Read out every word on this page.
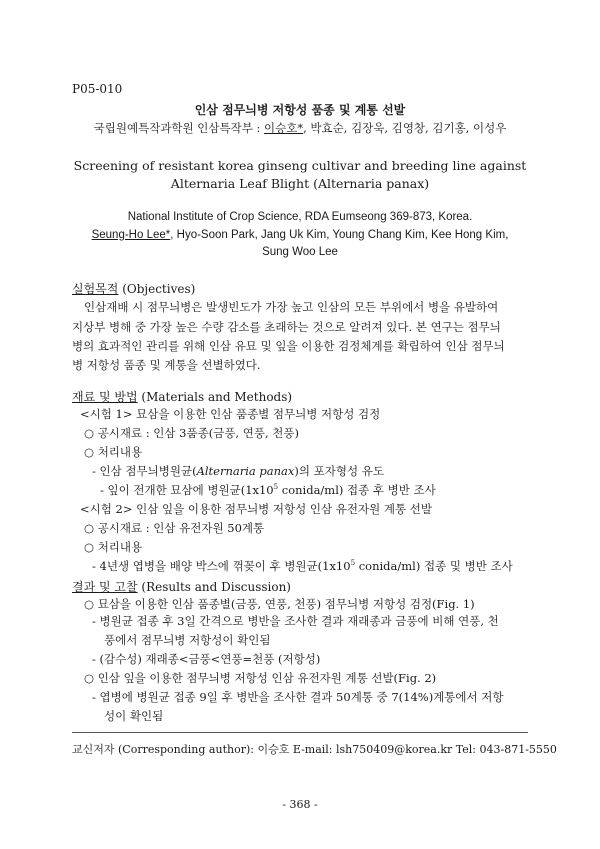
P05-010
인삼 점무늬병 저항성 품종 및 계통 선발
국립원예특작과학원 인삼특작부 : 이승호*, 박효순, 김장욱, 김영창, 김기홍, 이성우
Screening of resistant korea ginseng cultivar and breeding line against
Alternaria Leaf Blight (Alternaria panax)
National Institute of Crop Science, RDA Eumseong 369-873, Korea.
Seung-Ho Lee*, Hyo-Soon Park, Jang Uk Kim, Young Chang Kim, Kee Hong Kim,
Sung Woo Lee
실험목적 (Objectives)
인삼재배 시 점무늬병은 발생빈도가 가장 높고 인삼의 모든 부위에서 병을 유발하여
지상부 병해 중 가장 높은 수량 감소를 초래하는 것으로 알려져 있다. 본 연구는 점무늬
병의 효과적인 관리를 위해 인삼 유묘 및 잎을 이용한 검정체계를 확립하여 인삼 점무늬
병 저항성 품종 및 계통을 선별하였다.
재료 및 방법 (Materials and Methods)
<시험 1> 묘삼을 이용한 인삼 품종별 점무늬병 저항성 검정
○ 공시재료 : 인삼 3품종(금풍, 연풍, 천풍)
○ 처리내용
- 인삼 점무늬병원균(Alternaria panax)의 포자형성 유도
- 잎이 전개한 묘삼에 병원균($1x10^5$ conida/ml) 접종 후 병반 조사
<시험 2> 인삼 잎을 이용한 점무늬병 저항성 인삼 유전자원 계통 선발
○ 공시재료 : 인삼 유전자원 50계통
○ 처리내용
- 4년생 엽병을 배양 박스에 꺾꽂이 후 병원균($1x10^5$ conida/ml) 접종 및 병반 조사
결과 및 고찰 (Results and Discussion)
○ 묘삼을 이용한 인삼 품종별(금풍, 연풍, 천풍) 점무늬병 저항성 검정(Fig. 1)
- 병원균 접종 후 3일 간격으로 병반을 조사한 결과 재래종과 금풍에 비해 연풍, 천
풍에서 점무늬병 저항성이 확인됨
- (감수성) 재래종<금풍<연풍=천풍 (저항성)
○ 인삼 잎을 이용한 점무늬병 저항성 인삼 유전자원 계통 선발(Fig. 2)
- 엽병에 병원균 접종 9일 후 병반을 조사한 결과 50계통 중 7(14%)계통에서 저항
성이 확인됨
교신저자 (Corresponding author): 이승호 E-mail: lsh750409@korea.kr Tel: 043-871-5550
- 368 -
